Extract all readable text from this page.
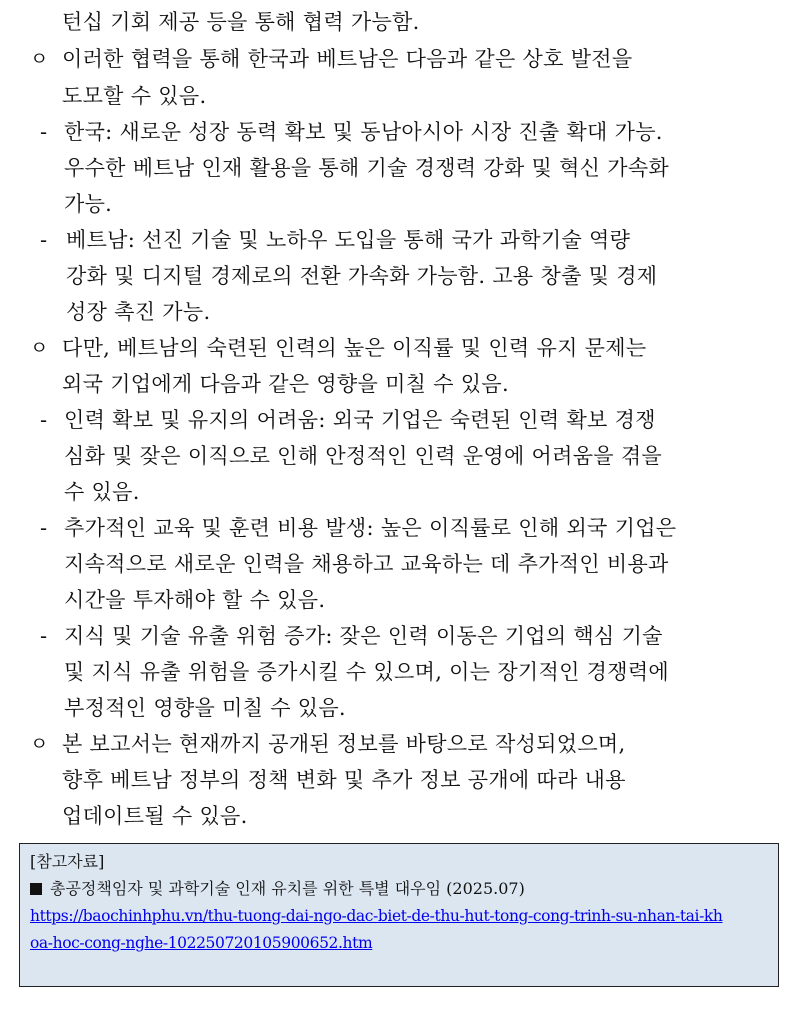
턴십 기회 제공 등을 통해 협력 가능함.
ㅇ 이러한 협력을 통해 한국과 베트남은 다음과 같은 상호 발전을
도모할 수 있음.
- 한국: 새로운 성장 동력 확보 및 동남아시아 시장 진출 확대 가능.
우수한 베트남 인재 활용을 통해 기술 경쟁력 강화 및 혁신 가속화
가능.
- 베트남: 선진 기술 및 노하우 도입을 통해 국가 과학기술 역량
강화 및 디지털 경제로의 전환 가속화 가능함. 고용 창출 및 경제
성장 촉진 가능.
ㅇ 다만, 베트남의 숙련된 인력의 높은 이직률 및 인력 유지 문제는
외국 기업에게 다음과 같은 영향을 미칠 수 있음.
- 인력 확보 및 유지의 어려움: 외국 기업은 숙련된 인력 확보 경쟁
심화 및 잦은 이직으로 인해 안정적인 인력 운영에 어려움을 겪을
수 있음.
- 추가적인 교육 및 훈련 비용 발생: 높은 이직률로 인해 외국 기업은
지속적으로 새로운 인력을 채용하고 교육하는 데 추가적인 비용과
시간을 투자해야 할 수 있음.
- 지식 및 기술 유출 위험 증가: 잦은 인력 이동은 기업의 핵심 기술
및 지식 유출 위험을 증가시킬 수 있으며, 이는 장기적인 경쟁력에
부정적인 영향을 미칠 수 있음.
ㅇ 본 보고서는 현재까지 공개된 정보를 바탕으로 작성되었으며,
향후 베트남 정부의 정책 변화 및 추가 정보 공개에 따라 내용
업데이트될 수 있음.
[참고자료]
총공정책임자 및 과학기술 인재 유치를 위한 특별 대우임 (2025.07)
https://baochinhphu.vn/thu-tuong-dai-ngo-dac-biet-de-thu-hut-tong-cong-trinh-su-nhan-tai-kh
oa-hoc-cong-nghe-102250720105900652.htm
